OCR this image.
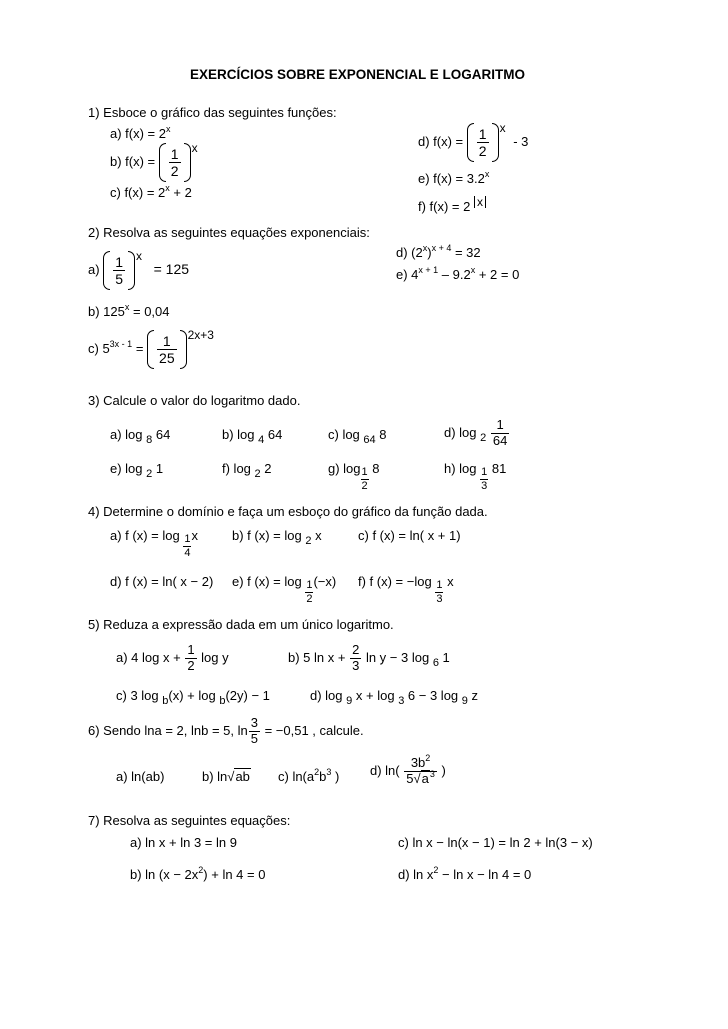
EXERCÍCIOS SOBRE EXPONENCIAL E LOGARITMO
1) Esboce o gráfico das seguintes funções:
a) $f(x) = 2^x$
b) $f(x) = \frac{1}{2}$ x
c) $f(x) = 2^x + 2$
d) $f(x) = \frac{1}{2}$ x - 3
e) $f(x) = 3.2^x$
f) f(x) = 2 x
2) Resolva as seguintes equações exponenciais:
$a) \frac{1}{5}$ x = 125
d) $(2^x)^{x + 4} = 32$
e) $4^{x + 1} - 9.2^x + 2 = 0$
b) $125^x = 0,04$
c) $5^{3x - 1} = \frac{1}{25} 2x+3$
3) Calcule o valor do logaritmo dado.
a) log $_8$ 64	b) log $_4$ 64	c) log $_{64}$ 8	d) $\log _2 \frac{1}{64}$
e) log $_2$ 1	f) log $_2$ 2	g) $\log \frac{1}{2} 8$	h) $\log \frac{1}{3} 81$
4) Determine o domínio e faça um esboço do gráfico da função dada.
a) f $(x) = \log \frac{1}{4}$ x	b) f (x) = log $_2$ x	c) f (x) = ln( x + 1)
d) f (x) = ln( x − 2) e) f $(x) = \log \frac{1}{2} (-x)$ f) f $(x) = -\log \frac{1}{3}$ x
5) Reduza a expressão dada em um único logaritmo.
a) 4 $\log x + \frac{1}{2}$ log y	b) 5 $\ln x + \frac{2}{3}$ ln y − 3 log $_6$ 1
c) 3 log $_b$(x) + log $_b$(2y) − 1	d) log $_9$ x + log $_3$ 6 − 3 log $_9$ z
6) Sendo lna = 2, lnb = 5, $\ln \frac{3}{5} = -0,51$ , calcule.
a) ln(ab)	b) ln√ab c) $\ln(a^2b^3$ ) d) $\ln( \frac{3b^2}{5√a^3}$ )
7) Resolva as seguintes equações:
a) ln x + ln 3 = ln 9	c) ln x − ln(x − 1) = ln 2 + ln(3 − x)
b) $\ln (x - 2x^2) + \ln 4 = 0$	d) $\ln x^2 - \ln x - \ln 4 = 0$
